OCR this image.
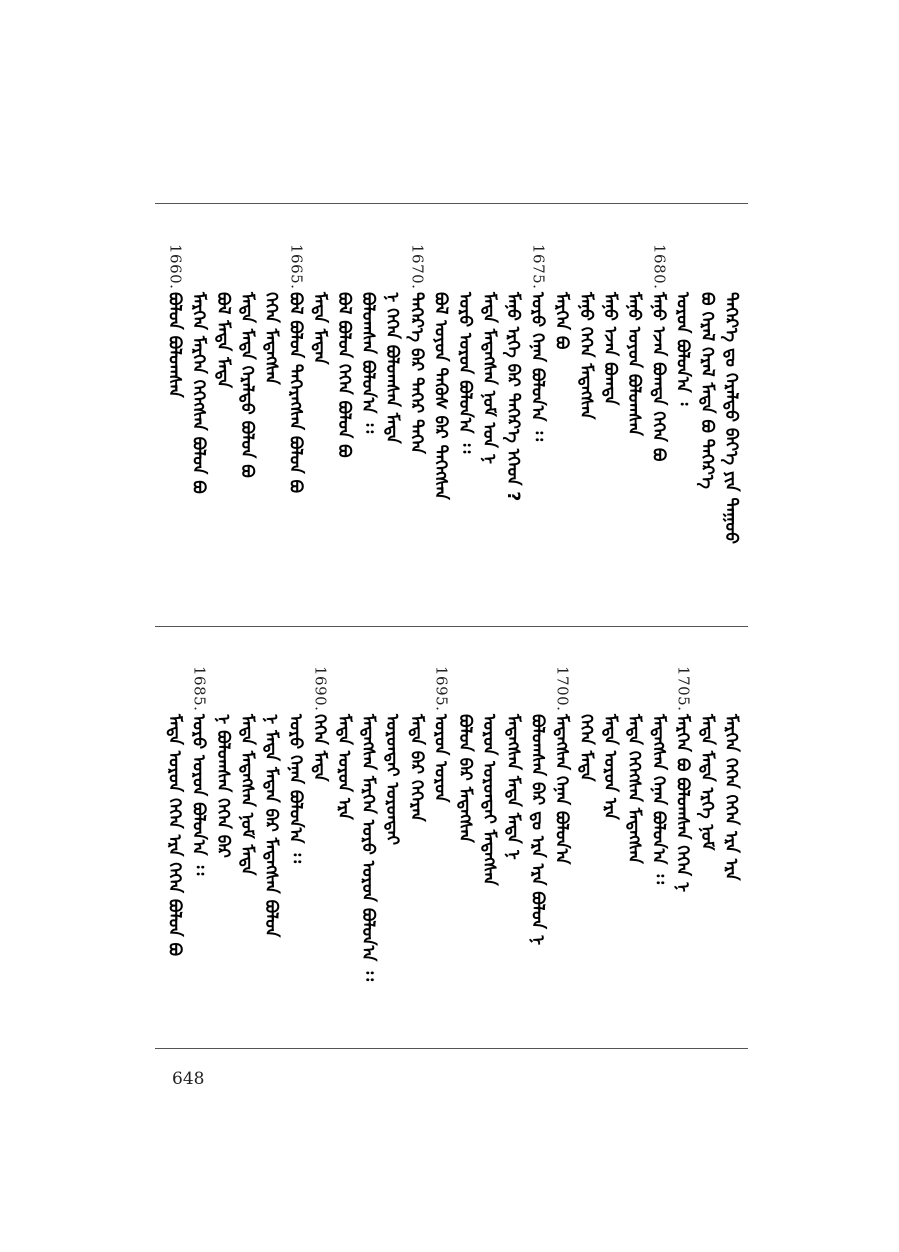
ᠳᠡᠭᠡᠷ᠎ᠡ ᠳᠤ ᠭᠡᠷᠡᠯᠲᠦ ᠪᠡᠶ᠎ᠡ ᠶᠢᠨ ᠳᠠᠭᠤᠤ
ᠪᠣ ᠭᠡᠷᠡᠯ ᠭᠡᠷᠡᠯ ᠮᠡᠳᠡ ᠪᠣ ᠳᠡᠭᠡᠷ᠎ᠡ
ᠣᠷᠣᠨ ᠪᠣᠯᠤᠨ᠎ᠠ ᠄
1680.
ᠮᠠᠨᠤ ᠡᠵᠡᠨ ᠪᠣᠭᠳᠠ ᠭᠡᠭᠡᠨ ᠪᠣ
ᠮᠠᠨᠤ ᠣᠶᠤᠨ ᠪᠣᠯᠤᠭᠰᠠᠨ
ᠮᠠᠨᠤ ᠡᠵᠡᠨ ᠪᠣᠭᠳᠠ
ᠮᠠᠨᠤ ᠭᠡᠭᠡᠨ ᠮᠡᠳᠡᠭᠰᠡᠨ
ᠮᠡᠷᠭᠡᠨ ᠪᠣ
1675.
ᠣᠷᠣ ᠭᠡᠨᠡᠨ ᠪᠣᠯᠤᠨ᠎ᠠ ᠄᠄
ᠮᠠᠨᠤ ᠡᠷᠬᠡ ᠪᠠᠷ ᠳᠡᠭᠡᠷ᠎ᠡ ᠡᠭᠡᠳ ?
ᠮᠡᠳᠡ ᠮᠡᠳᠡᠭᠰᠡᠨ ᠨᠣᠮ ᠤᠨ ᠨ
ᠣᠷᠣ ᠣᠷᠣᠨ ᠪᠣᠯᠤᠨ᠎ᠠ ᠄᠄
ᠪᠣᠯ ᠣᠶᠤᠨ ᠲᠡᠭᠦᠰ ᠪᠠᠷ ᠳᠡᠭᠡᠭᠰᠡᠨ
1670.
ᠳᠡᠭᠡᠷ᠎ᠡ ᠪᠠᠷ ᠳᠡᠭᠡᠷ ᠳᠡᠭᠡᠨ
ᠨ ᠭᠡᠭᠡᠨ ᠪᠣᠯᠤᠭᠰᠠᠨ ᠮᠡᠳᠡ
ᠪᠣᠯᠤᠭᠰᠠᠨ ᠪᠣᠯᠤᠨ᠎ᠠ ᠄᠄
ᠪᠣᠯ ᠪᠣᠯᠤᠨ ᠭᠡᠭᠡᠨ ᠪᠣᠯᠤᠨ ᠪᠣ
ᠮᠡᠳᠡ ᠮᠡᠳᠡᠨ
1665.
ᠪᠣᠯ ᠪᠣᠯᠤᠨ ᠳᠡᠭᠡᠷᠡᠭᠰᠡᠨ ᠪᠣᠯᠤᠨ ᠪᠣ
ᠭᠡᠭᠡᠨ ᠮᠡᠳᠡᠭᠰᠡᠨ
ᠮᠡᠳᠡ ᠮᠡᠳᠡ ᠭᠡᠷᠡᠯᠲᠦ ᠪᠣᠯᠤᠨ ᠪᠣ
ᠪᠣᠯ ᠮᠡᠳᠡ ᠮᠡᠳᠡ
ᠮᠡᠷᠭᠡᠨ ᠮᠡᠷᠭᠡᠨ ᠭᠡᠭᠡᠭᠰᠡᠨ ᠪᠣᠯᠤᠨ ᠪᠣ
1660.
ᠪᠣᠯᠤᠨ ᠪᠣᠯᠤᠭᠰᠠᠨ
ᠮᠡᠷᠭᠡᠨ ᠭᠡᠭᠡᠨ ᠭᠡᠭᠡᠨ ᠡᠷᠡ ᠡᠷᠡ
ᠮᠡᠳᠡ ᠮᠡᠳᠡ ᠡᠷᠬᠡ ᠨᠣᠮ
1705.
ᠮᠡᠷᠭᠡᠨ ᠪᠣ ᠪᠣᠯᠤᠭᠰᠠᠨ ᠭᠡᠭᠡᠨ ᠨ
ᠮᠡᠳᠡᠭᠰᠡᠨ ᠭᠡᠨᠡᠨ ᠪᠣᠯᠤᠨ᠎ᠠ ᠄᠄
ᠮᠡᠳᠡ ᠭᠡᠭᠡᠭᠰᠡᠨ ᠮᠡᠳᠡᠭᠰᠡᠨ
ᠮᠡᠳᠡ ᠣᠷᠣᠨ ᠡᠷᠡ
ᠭᠡᠭᠡᠨ ᠮᠡᠳᠡ
1700.
ᠮᠡᠳᠡᠭᠰᠡᠨ ᠭᠡᠨᠡᠨ ᠪᠣᠯᠤᠨ᠎ᠠ
ᠪᠣᠯᠤᠭᠰᠠᠨ ᠪᠠᠷ ᠳᠤ ᠡᠷᠡ ᠡᠷᠡ ᠪᠣᠯᠤᠨ ᠨ
ᠮᠡᠳᠡᠭᠰᠡᠨ ᠮᠡᠳᠡ ᠮᠡᠳᠡ ᠨ
ᠣᠷᠣᠨ ᠣᠷᠣᠨᠲᠠᠢ ᠮᠡᠳᠡᠭᠰᠡᠨ
ᠪᠣᠯᠤᠨ ᠪᠠᠷ ᠮᠡᠳᠡᠭᠰᠡᠨ
1695.
ᠣᠷᠣᠨ ᠣᠷᠣᠨ
ᠮᠡᠳᠡ ᠪᠠᠷ ᠭᠡᠭᠡᠷᠡᠨ
ᠣᠷᠣᠨᠲᠠᠢ ᠣᠷᠣᠨᠲᠠᠢ
ᠮᠡᠳᠡᠭᠰᠡᠨ ᠮᠡᠷᠭᠡᠨ ᠣᠷᠣ ᠣᠷᠣᠨ ᠪᠣᠯᠤᠨ᠎ᠠ ᠄᠄
ᠮᠡᠳᠡ ᠣᠷᠣᠨ ᠡᠷᠡ
1690.
ᠭᠡᠭᠡᠨ ᠮᠡᠳᠡ
ᠣᠷᠣ ᠭᠡᠨᠡᠨ ᠪᠣᠯᠤᠨ᠎ᠠ ᠄᠄
ᠨ ᠮᠡᠳᠡ ᠮᠡᠳᠡᠨ ᠪᠠᠷ ᠮᠡᠳᠡᠭᠰᠡᠨ ᠪᠣᠯᠤᠨ
ᠮᠡᠳᠡ ᠮᠡᠳᠡᠭᠰᠡᠨ ᠨᠣᠮ ᠮᠡᠳᠡ
ᠨ ᠪᠣᠯᠤᠭᠰᠠᠨ ᠭᠡᠭᠡᠨ ᠪᠠᠷ
1685.
ᠣᠷᠣ ᠣᠷᠣᠨ ᠪᠣᠯᠤᠨ᠎ᠠ ᠄᠄
ᠮᠡᠳᠡ ᠣᠷᠣᠨ ᠭᠡᠭᠡᠨ ᠡᠷᠡ ᠭᠡᠭᠡᠨ ᠪᠣᠯᠤᠨ ᠪᠣ
648
